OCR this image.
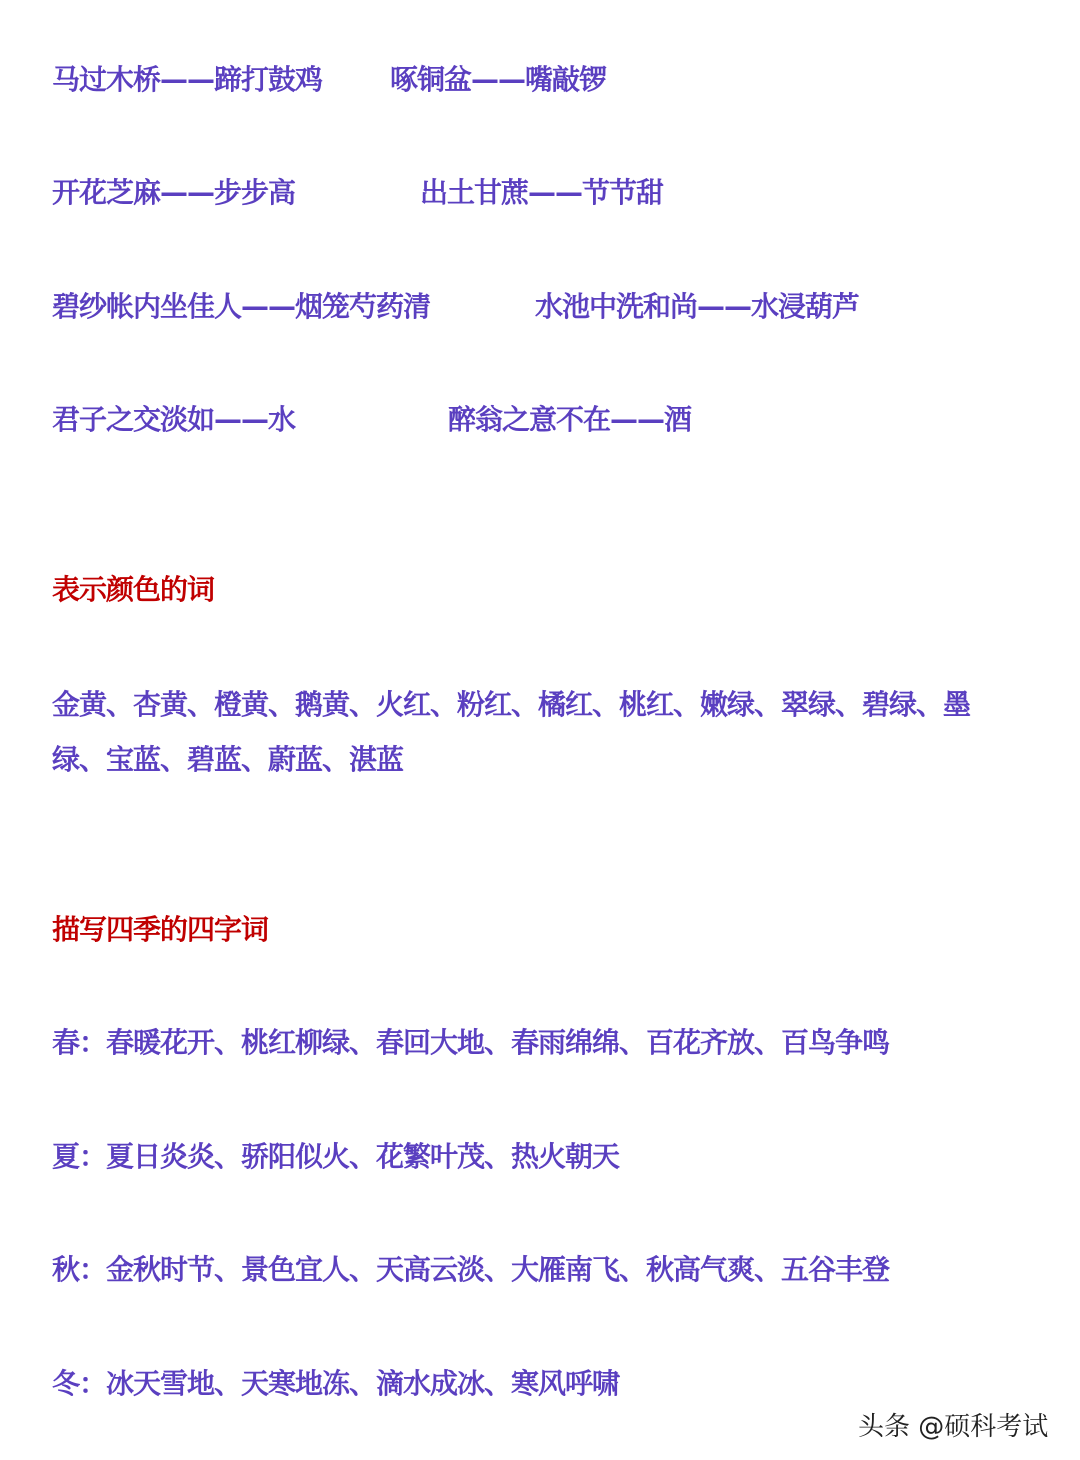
马过木桥——蹄打鼓鸡 啄铜盆——嘴敲锣
开花芝麻——步步高	出土甘蔗——节节甜
碧纱帐内坐佳人——烟笼芍药清	水池中洗和尚——水浸葫芦
君子之交淡如——水	醉翁之意不在——酒
表示颜色的词
金黄、杏黄、橙黄、鹅黄、火红、粉红、橘红、桃红、嫩绿、翠绿、碧绿、墨
绿、宝蓝、碧蓝、蔚蓝、湛蓝
描写四季的四字词
春：春暖花开、桃红柳绿、春回大地、春雨绵绵、百花齐放、百鸟争鸣
夏：夏日炎炎、骄阳似火、花繁叶茂、热火朝天
秋：金秋时节、景色宜人、天高云淡、大雁南飞、秋高气爽、五谷丰登
冬：冰天雪地、天寒地冻、滴水成冰、寒风呼啸
头条 @硕科考试
